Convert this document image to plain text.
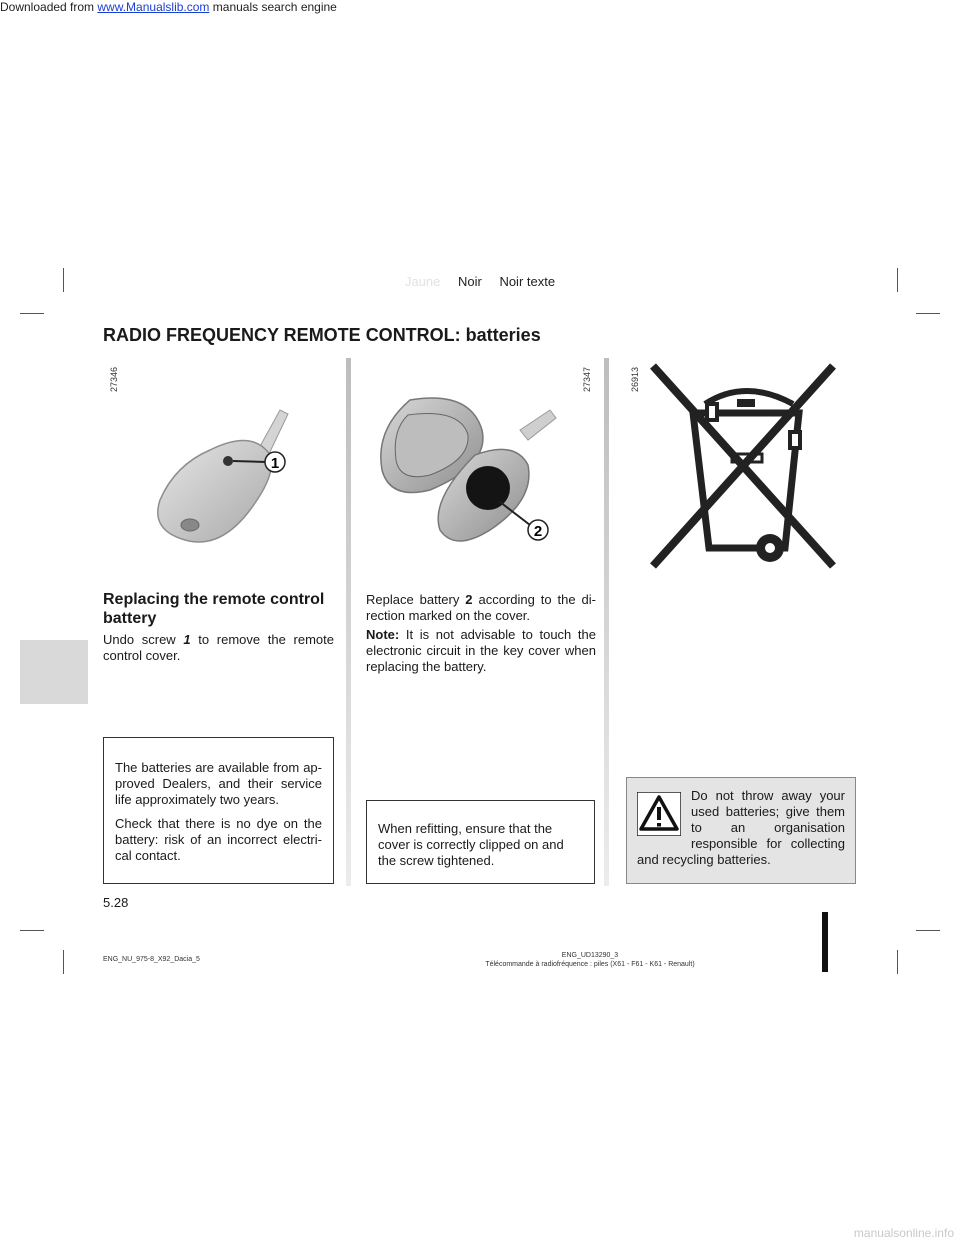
Downloaded from www.Manualslib.com manuals search engine
Jaune Noir Noir texte
RADIO FREQUENCY REMOTE CONTROL: batteries
27346	27347	26913
1
2
Replacing the remote control battery
Undo screw 1 to remove the remote control cover.

The batteries are available from approved Dealers, and their service life approximately two years.

Check that there is no dye on the battery: risk of an incorrect electrical contact.

Replace battery 2 according to the direction marked on the cover.
Note: It is not advisable to touch the electronic circuit in the key cover when replacing the battery.

When refitting, ensure that the cover is correctly clipped on and the screw tightened.

Do not throw away your used batteries; give them to an organisation responsible for collecting and recycling batteries.
5.28
ENG_NU_975-8_X92_Dacia_5
ENG_UD13290_3
Télécommande à radiofréquence : piles (X61 - F61 - K61 - Renault)
manualsonline.info
